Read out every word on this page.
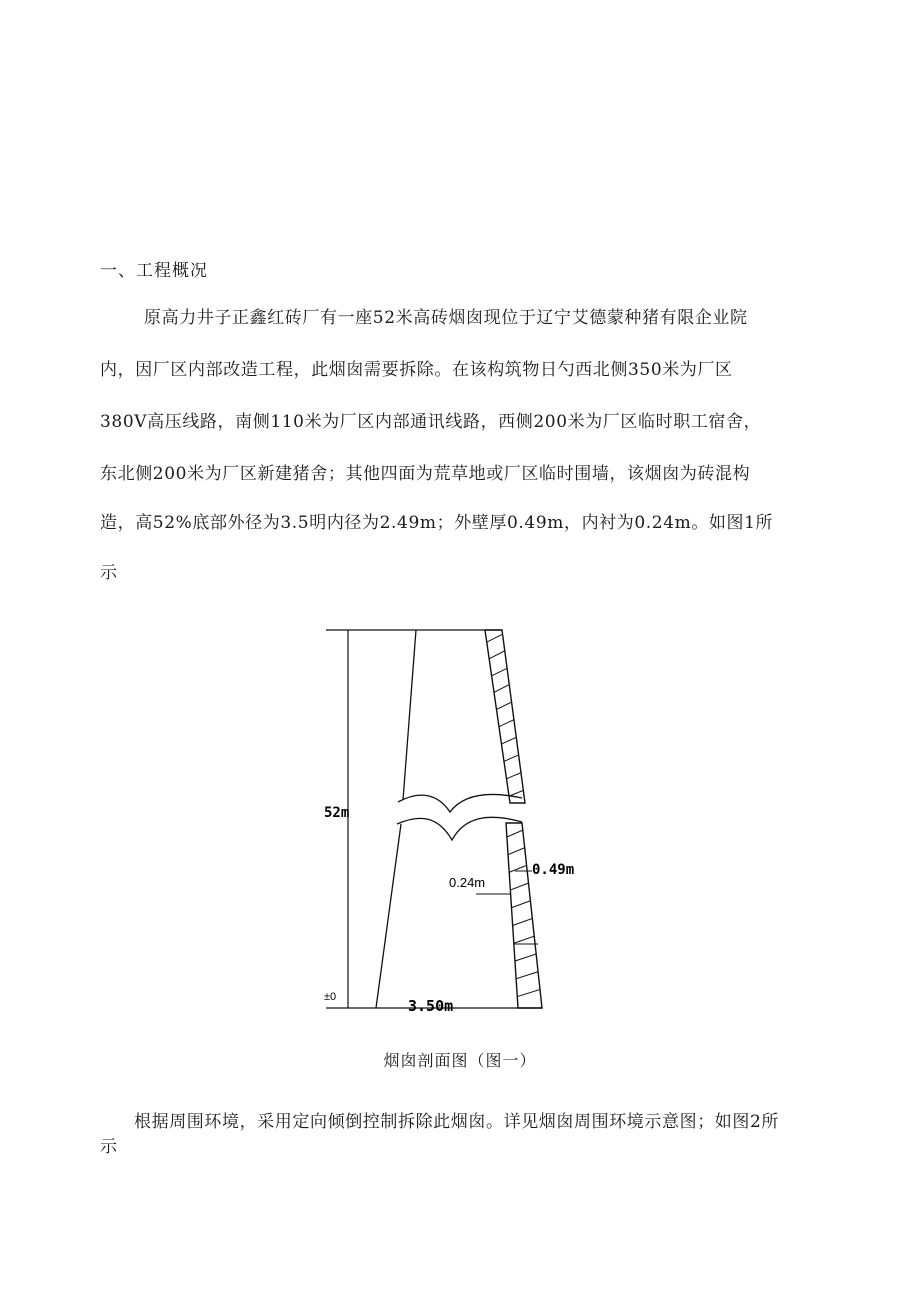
一、工程概况
原高力井子正鑫红砖厂有一座52米高砖烟囱现位于辽宁艾德蒙种猪有限企业院
内，因厂区内部改造工程，此烟囱需要拆除。在该构筑物日勺西北侧350米为厂区
380V高压线路，南侧110米为厂区内部通讯线路，西侧200米为厂区临时职工宿舍，
东北侧200米为厂区新建猪舍；其他四面为荒草地或厂区临时围墙，该烟囱为砖混构
造，高52%底部外径为3.5明内径为2.49m；外壁厚0.49m，内衬为0.24m。如图1所
示
52m
0.49m
0.24m
±0	3.50m

烟囱剖面图（图一）

根据周围环境，采用定向倾倒控制拆除此烟囱。详见烟囱周围环境示意图；如图2所
示
